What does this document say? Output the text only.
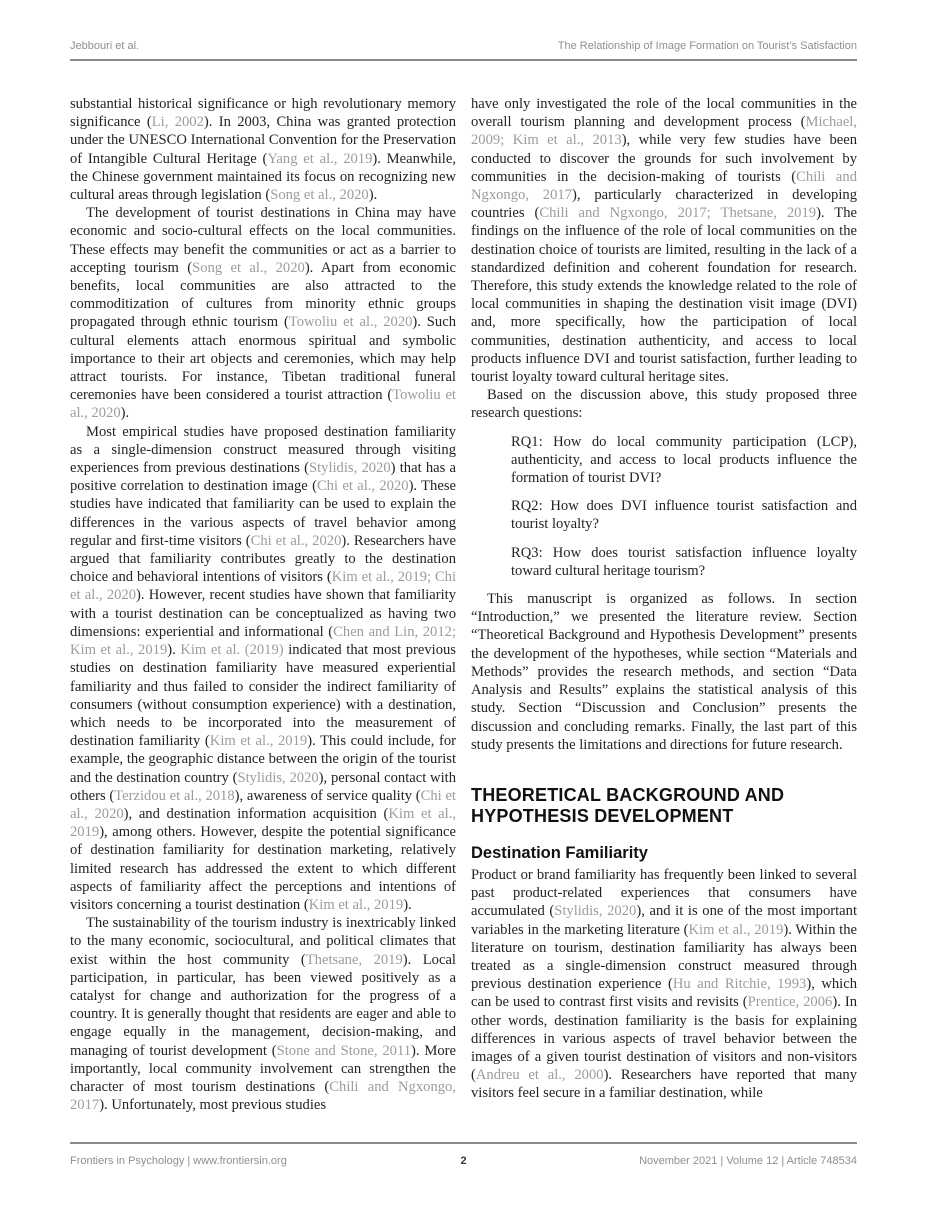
Jebbouri et al.	The Relationship of Image Formation on Tourist’s Satisfaction

substantial historical significance or high revolutionary memory significance (Li, 2002). In 2003, China was granted protection under the UNESCO International Convention for the Preservation of Intangible Cultural Heritage (Yang et al., 2019). Meanwhile, the Chinese government maintained its focus on recognizing new cultural areas through legislation (Song et al., 2020).

The development of tourist destinations in China may have economic and socio-cultural effects on the local communities. These effects may benefit the communities or act as a barrier to accepting tourism (Song et al., 2020). Apart from economic benefits, local communities are also attracted to the commoditization of cultures from minority ethnic groups propagated through ethnic tourism (Towoliu et al., 2020). Such cultural elements attach enormous spiritual and symbolic importance to their art objects and ceremonies, which may help attract tourists. For instance, Tibetan traditional funeral ceremonies have been considered a tourist attraction (Towoliu et al., 2020).

Most empirical studies have proposed destination familiarity as a single-dimension construct measured through visiting experiences from previous destinations (Stylidis, 2020) that has a positive correlation to destination image (Chi et al., 2020). These studies have indicated that familiarity can be used to explain the differences in the various aspects of travel behavior among regular and first-time visitors (Chi et al., 2020). Researchers have argued that familiarity contributes greatly to the destination choice and behavioral intentions of visitors (Kim et al., 2019; Chi et al., 2020). However, recent studies have shown that familiarity with a tourist destination can be conceptualized as having two dimensions: experiential and informational (Chen and Lin, 2012; Kim et al., 2019). Kim et al. (2019) indicated that most previous studies on destination familiarity have measured experiential familiarity and thus failed to consider the indirect familiarity of consumers (without consumption experience) with a destination, which needs to be incorporated into the measurement of destination familiarity (Kim et al., 2019). This could include, for example, the geographic distance between the origin of the tourist and the destination country (Stylidis, 2020), personal contact with others (Terzidou et al., 2018), awareness of service quality (Chi et al., 2020), and destination information acquisition (Kim et al., 2019), among others. However, despite the potential significance of destination familiarity for destination marketing, relatively limited research has addressed the extent to which different aspects of familiarity affect the perceptions and intentions of visitors concerning a tourist destination (Kim et al., 2019).

The sustainability of the tourism industry is inextricably linked to the many economic, sociocultural, and political climates that exist within the host community (Thetsane, 2019). Local participation, in particular, has been viewed positively as a catalyst for change and authorization for the progress of a country. It is generally thought that residents are eager and able to engage equally in the management, decision-making, and managing of tourist development (Stone and Stone, 2011). More importantly, local community involvement can strengthen the character of most tourism destinations (Chili and Ngxongo, 2017). Unfortunately, most previous studies

have only investigated the role of the local communities in the overall tourism planning and development process (Michael, 2009; Kim et al., 2013), while very few studies have been conducted to discover the grounds for such involvement by communities in the decision-making of tourists (Chili and Ngxongo, 2017), particularly characterized in developing countries (Chili and Ngxongo, 2017; Thetsane, 2019). The findings on the influence of the role of local communities on the destination choice of tourists are limited, resulting in the lack of a standardized definition and coherent foundation for research. Therefore, this study extends the knowledge related to the role of local communities in shaping the destination visit image (DVI) and, more specifically, how the participation of local communities, destination authenticity, and access to local products influence DVI and tourist satisfaction, further leading to tourist loyalty toward cultural heritage sites.

Based on the discussion above, this study proposed three research questions:

RQ1: How do local community participation (LCP), authenticity, and access to local products influence the formation of tourist DVI?

RQ2: How does DVI influence tourist satisfaction and tourist loyalty?

RQ3: How does tourist satisfaction influence loyalty toward cultural heritage tourism?

This manuscript is organized as follows. In section “Introduction,” we presented the literature review. Section “Theoretical Background and Hypothesis Development” presents the development of the hypotheses, while section “Materials and Methods” provides the research methods, and section “Data Analysis and Results” explains the statistical analysis of this study. Section “Discussion and Conclusion” presents the discussion and concluding remarks. Finally, the last part of this study presents the limitations and directions for future research.

THEORETICAL BACKGROUND AND HYPOTHESIS DEVELOPMENT
Destination Familiarity

Product or brand familiarity has frequently been linked to several past product-related experiences that consumers have accumulated (Stylidis, 2020), and it is one of the most important variables in the marketing literature (Kim et al., 2019). Within the literature on tourism, destination familiarity has always been treated as a single-dimension construct measured through previous destination experience (Hu and Ritchie, 1993), which can be used to contrast first visits and revisits (Prentice, 2006). In other words, destination familiarity is the basis for explaining differences in various aspects of travel behavior between the images of a given tourist destination of visitors and non-visitors (Andreu et al., 2000). Researchers have reported that many visitors feel secure in a familiar destination, while

Frontiers in Psychology | www.frontiersin.org	2	November 2021 | Volume 12 | Article 748534
